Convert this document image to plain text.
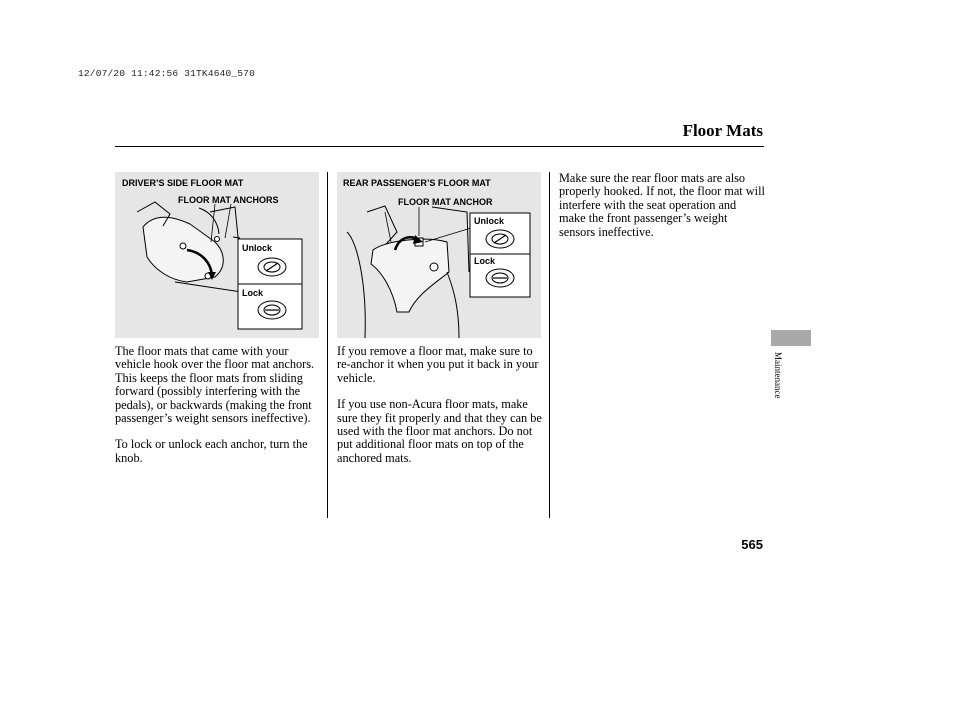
12/07/20 11:42:56 31TK4640_570
Floor Mats
DRIVER’S SIDE FLOOR MAT
FLOOR MAT ANCHORS
Unlock
Lock
REAR PASSENGER’S FLOOR MAT
FLOOR MAT ANCHOR
Unlock
Lock

The floor mats that came with your vehicle hook over the floor mat anchors. This keeps the floor mats from sliding forward (possibly interfering with the pedals), or backwards (making the front passenger’s weight sensors ineffective).

To lock or unlock each anchor, turn the knob.

If you remove a floor mat, make sure to re-anchor it when you put it back in your vehicle.

If you use non-Acura floor mats, make sure they fit properly and that they can be used with the floor mat anchors. Do not put additional floor mats on top of the anchored mats.

Make sure the rear floor mats are also properly hooked. If not, the floor mat will interfere with the seat operation and make the front passenger’s weight sensors ineffective.

Maintenance
565
